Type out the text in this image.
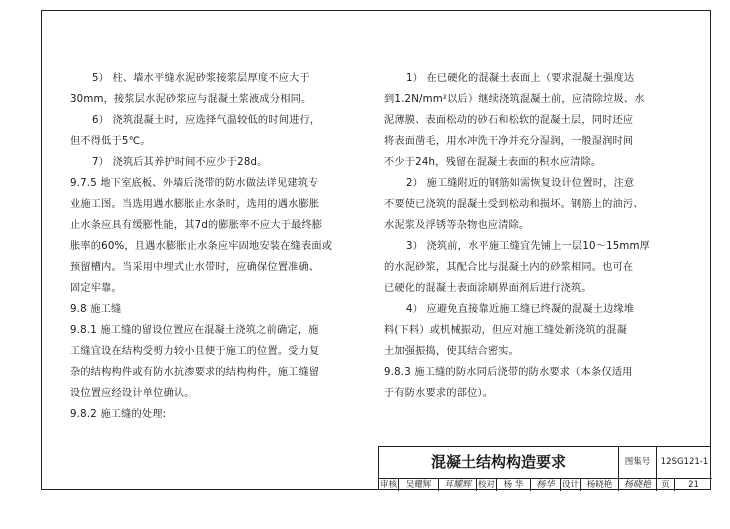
5） 柱、墙水平缝水泥砂浆接浆层厚度不应大于

30mm，接浆层水泥砂浆应与混凝土浆液成分相同。

6） 浇筑混凝土时，应选择气温较低的时间进行，

但不得低于5℃。

7） 浇筑后其养护时间不应少于28d。

9.7.5 地下室底板、外墙后浇带的防水做法详见建筑专

业施工图。当选用遇水膨胀止水条时，选用的遇水膨胀

止水条应具有缓膨性能，其7d的膨胀率不应大于最终膨

胀率的60%，且遇水膨胀止水条应牢固地安装在缝表面或

预留槽内。当采用中埋式止水带时，应确保位置准确、

固定牢靠。

9.8 施工缝

9.8.1 施工缝的留设位置应在混凝土浇筑之前确定，施

工缝宜设在结构受剪力较小且便于施工的位置。受力复

杂的结构构件或有防水抗渗要求的结构构件，施工缝留

设位置应经设计单位确认。

9.8.2 施工缝的处理:

1） 在已硬化的混凝土表面上（要求混凝土强度达

到1.2N/mm²以后）继续浇筑混凝土前，应清除垃圾、水

泥薄膜、表面松动的砂石和松软的混凝土层，同时还应

将表面凿毛，用水冲洗干净并充分湿润，一般湿润时间

不少于24h，残留在混凝土表面的积水应清除。

2） 施工缝附近的钢筋如需恢复设计位置时，注意

不要使已浇筑的混凝土受到松动和损坏。钢筋上的油污、

水泥浆及浮锈等杂物也应清除。

3） 浇筑前，水平施工缝宜先铺上一层10～15mm厚

的水泥砂浆，其配合比与混凝土内的砂浆相同。也可在

已硬化的混凝土表面涂刷界面剂后进行浇筑。

4） 应避免直接靠近施工缝已终凝的混凝土边缘堆

料(下料）或机械振动，但应对施工缝处新浇筑的混凝

土加强振捣，使其结合密实。

9.8.3 施工缝的防水同后浇带的防水要求（本条仅适用

于有防水要求的部位）。

混凝土结构构造要求	图集号	12SG121-1
审核	吴耀辉	耳耀辉 校对	杨 华	杨华 设计 杨晓艳	杨晓艳	页	21
